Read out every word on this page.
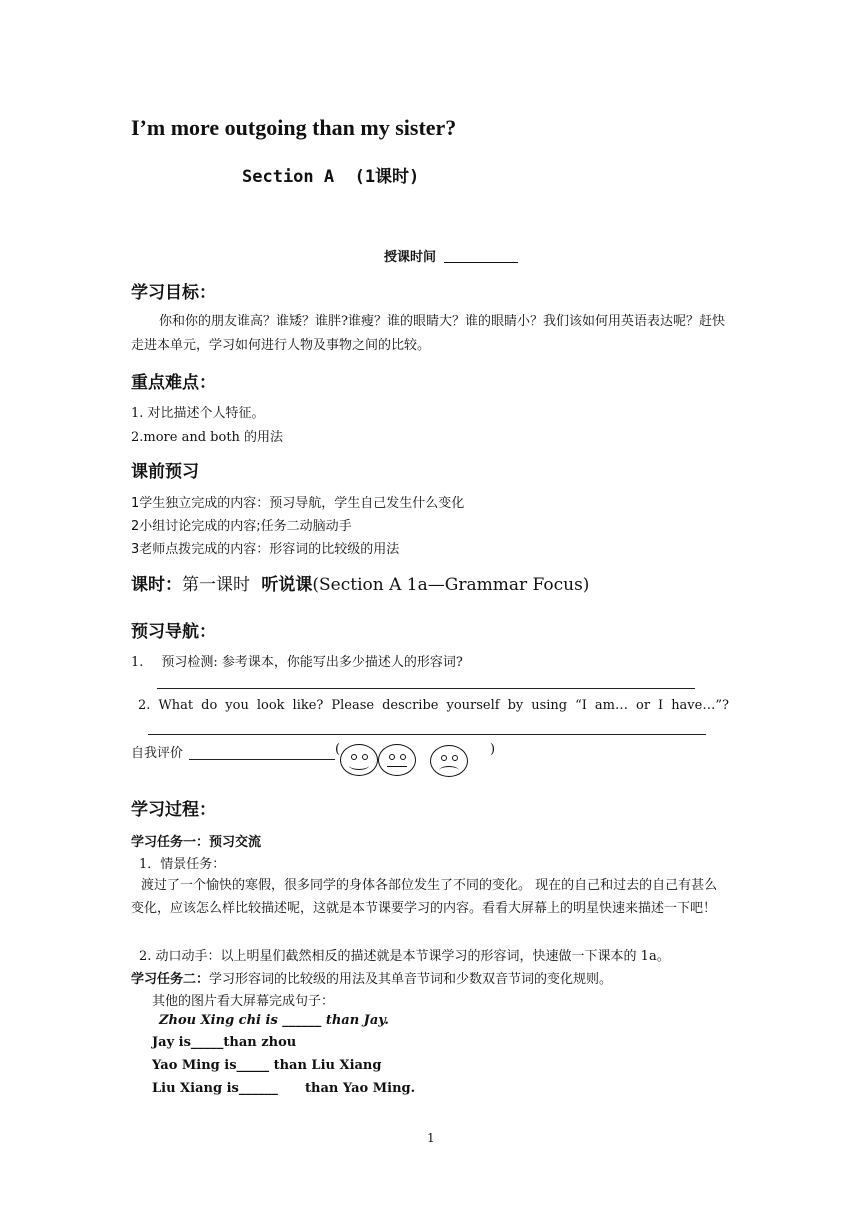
I’m more outgoing than my sister?
Section A  (1课时)
授课时间
学习目标：
你和你的朋友谁高？谁矮？谁胖?谁瘦？谁的眼睛大？谁的眼睛小？我们该如何用英语表达呢？赶快走进本单元，学习如何进行人物及事物之间的比较。
重点难点：
1. 对比描述个人特征。
2.more and both 的用法
课前预习
1学生独立完成的内容：预习导航，学生自己发生什么变化
2小组讨论完成的内容;任务二动脑动手
3老师点拨完成的内容：形容词的比较级的用法
课时：第一课时 听说课(Section A 1a—Grammar Focus)
预习导航：
1. 预习检测: 参考课本，你能写出多少描述人的形容词?
2. What do you look like? Please describe yourself by using “I am… or I have…”?
自我评价	(	)
学习过程：
学习任务一：预习交流
1．情景任务：
渡过了一个愉快的寒假，很多同学的身体各部位发生了不同的变化。 现在的自己和过去的自己有甚么变化，应该怎么样比较描述呢，这就是本节课要学习的内容。看看大屏幕上的明星快速来描述一下吧！
2. 动口动手：以上明星们截然相反的描述就是本节课学习的形容词，快速做一下课本的 1a。
学习任务二：学习形容词的比较级的用法及其单音节词和少数双音节词的变化规则。
其他的图片看大屏幕完成句子：
Zhou Xing chi is ______ than Jay.
Jay is_____than zhou
Yao Ming is_____ than Liu Xiang
Liu Xiang is______      than Yao Ming.
1
